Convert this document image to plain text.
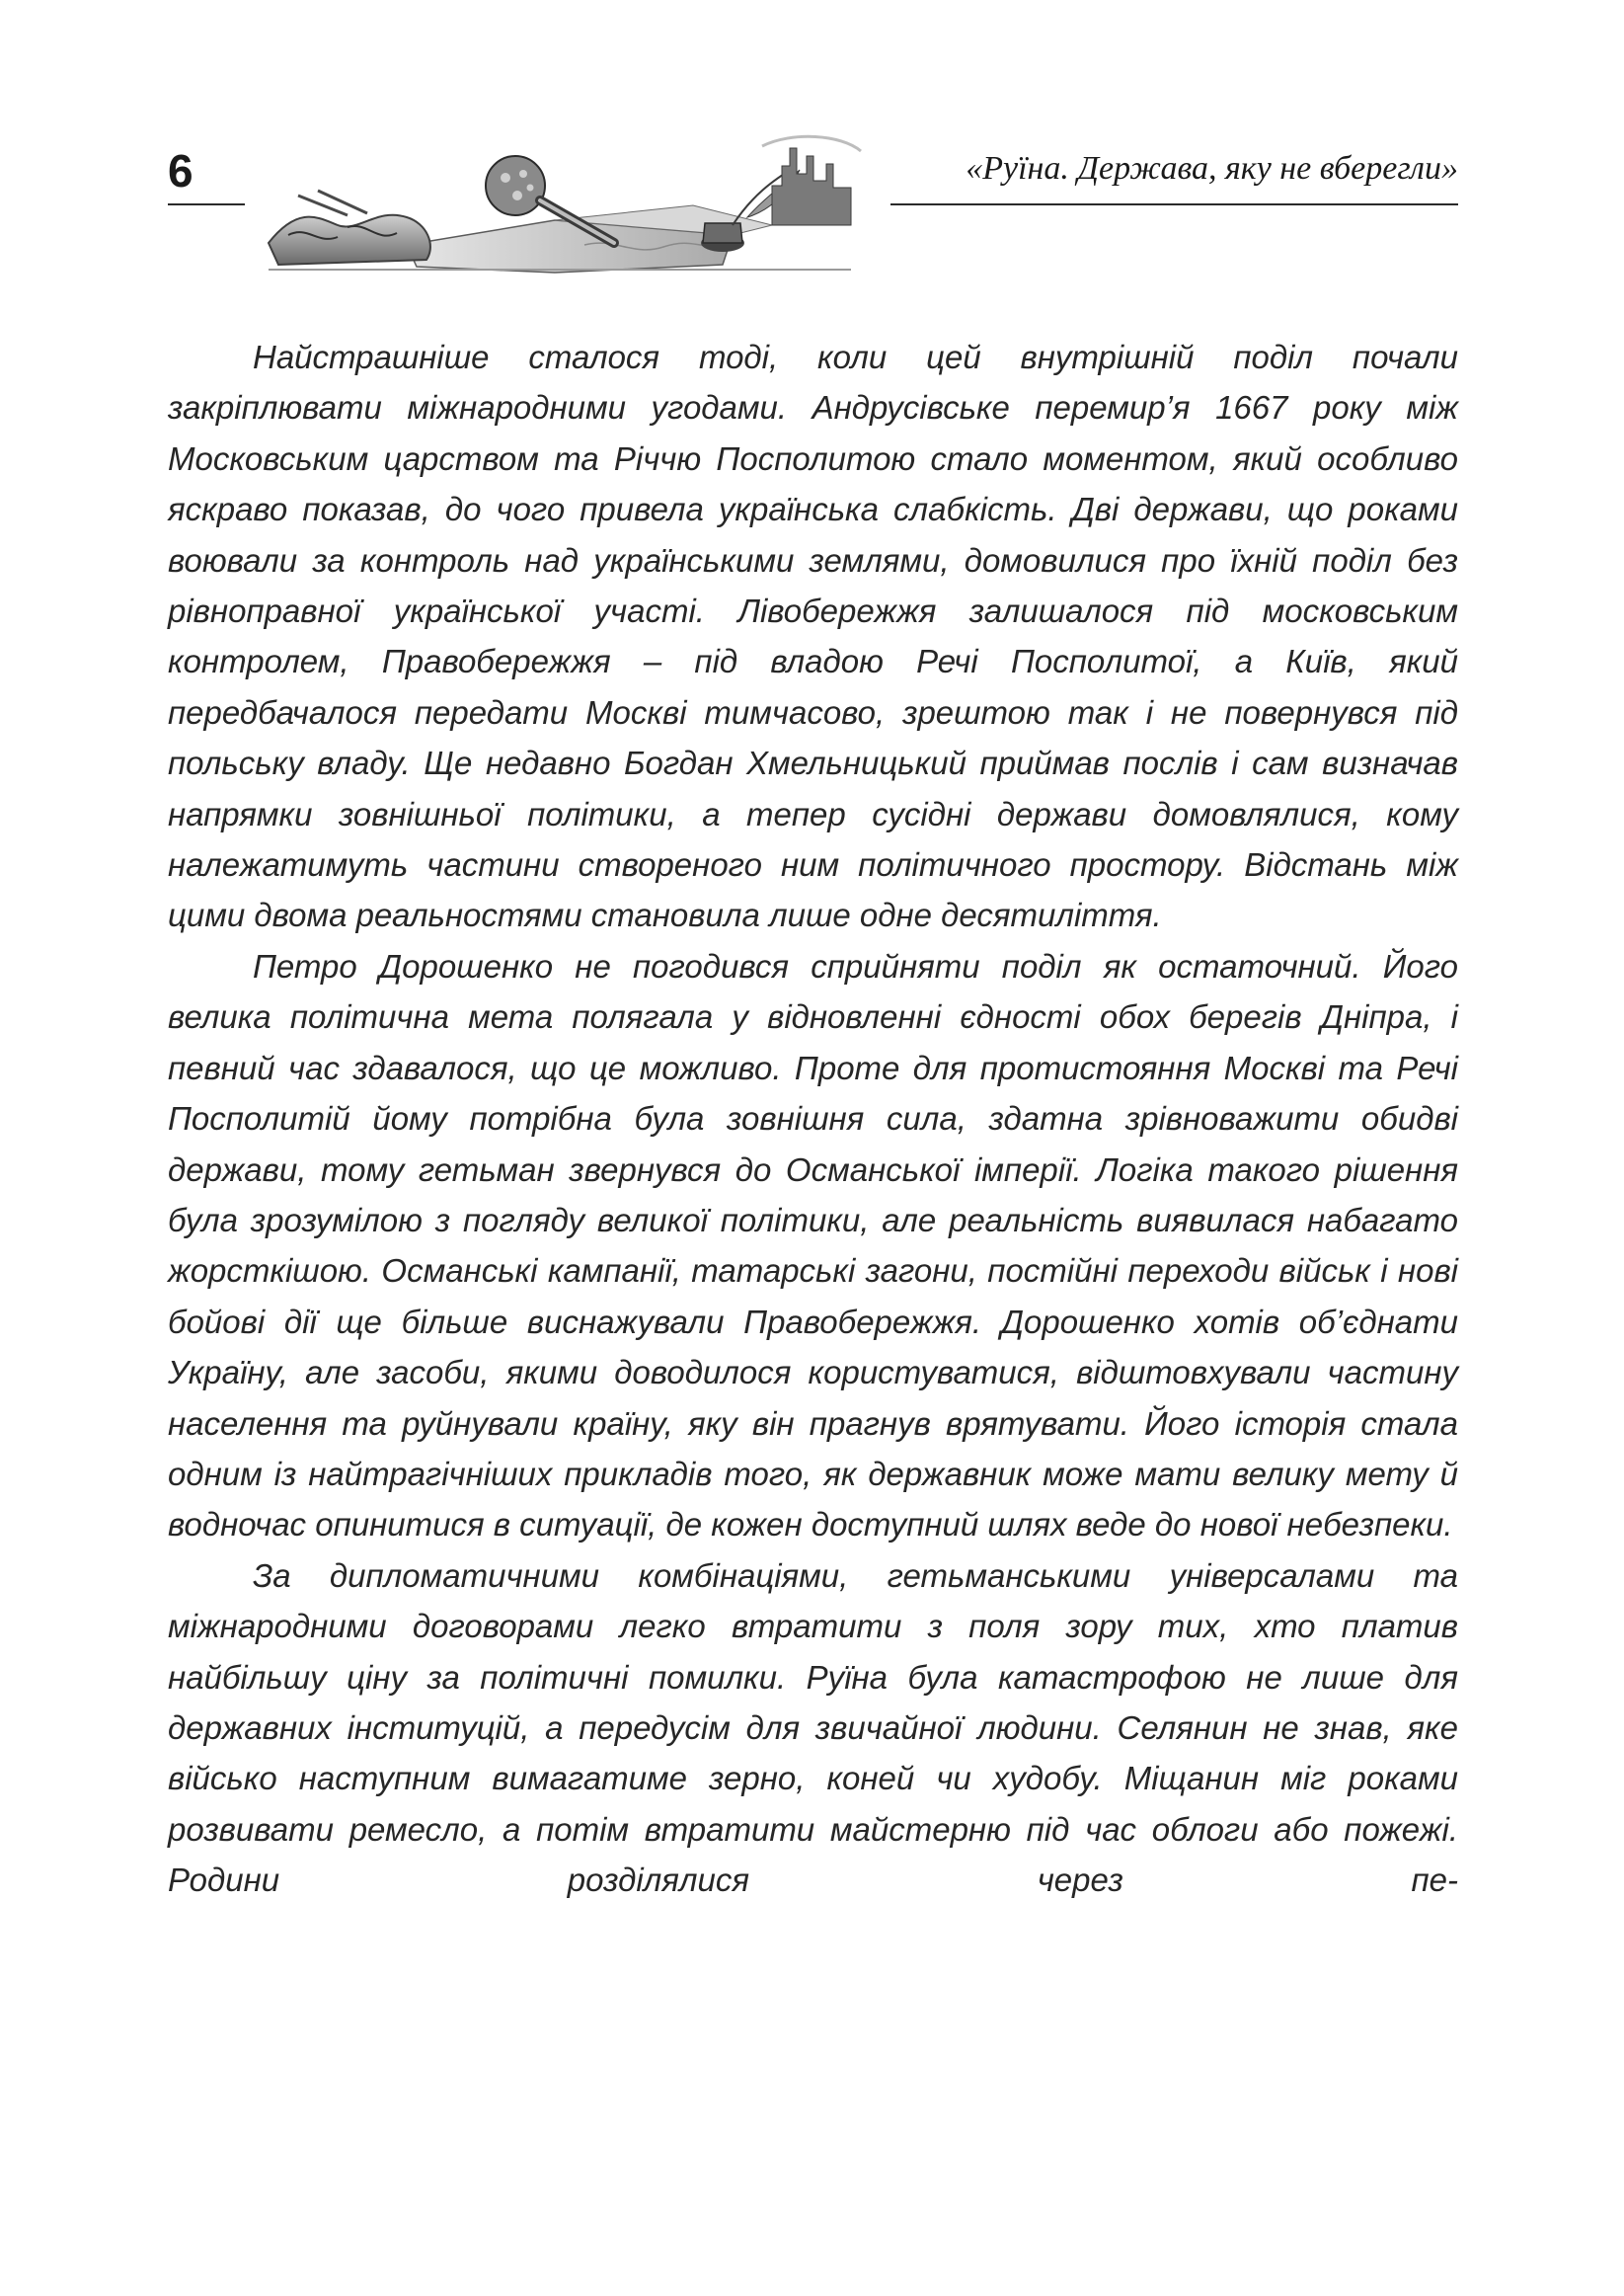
6	«Руїна. Держава, яку не вберегли»

Найстрашніше сталося тоді, коли цей внутрішній поділ почали закріплювати міжнародними угодами. Андрусівське перемир’я 1667 року між Московським царством та Річчю Посполитою стало моментом, який особливо яскраво показав, до чого привела українська слабкість. Дві держави, що роками воювали за контроль над українськими землями, домовилися про їхній поділ без рівноправної української участі. Лівобережжя залишалося під московським контролем, Правобережжя – під владою Речі Посполитої, а Київ, який передбачалося передати Москві тимчасово, зрештою так і не повернувся під польську владу. Ще недавно Богдан Хмельницький приймав послів і сам визначав напрямки зовнішньої політики, а тепер сусідні держави домовлялися, кому належатимуть частини створеного ним політичного простору. Відстань між цими двома реальностями становила лише одне десятиліття.

Петро Дорошенко не погодився сприйняти поділ як остаточний. Його велика політична мета полягала у відновленні єдності обох берегів Дніпра, і певний час здавалося, що це можливо. Проте для протистояння Москві та Речі Посполитій йому потрібна була зовнішня сила, здатна зрівноважити обидві держави, тому гетьман звернувся до Османської імперії. Логіка такого рішення була зрозумілою з погляду великої політики, але реальність виявилася набагато жорсткішою. Османські кампанії, татарські загони, постійні переходи військ і нові бойові дії ще більше виснажували Правобережжя. Дорошенко хотів об’єднати Україну, але засоби, якими доводилося користуватися, відштовхували частину населення та руйнували країну, яку він прагнув врятувати. Його історія стала одним із найтрагічніших прикладів того, як державник може мати велику мету й водночас опинитися в ситуації, де кожен доступний шлях веде до нової небезпеки.

За дипломатичними комбінаціями, гетьманськими універсалами та міжнародними договорами легко втратити з поля зору тих, хто платив найбільшу ціну за політичні помилки. Руїна була катастрофою не лише для державних інституцій, а передусім для звичайної людини. Селянин не знав, яке військо наступним вимагатиме зерно, коней чи худобу. Міщанин міг роками розвивати ремесло, а потім втратити майстерню під час облоги або пожежі. Родини розділялися через пе-
